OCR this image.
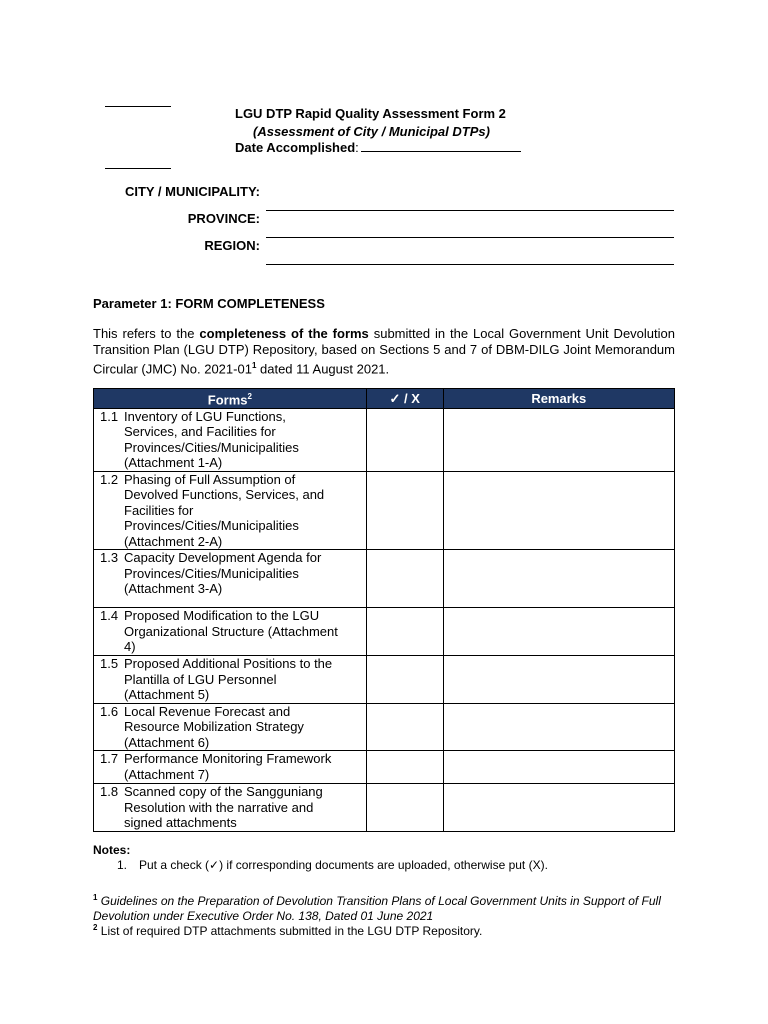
LGU DTP Rapid Quality Assessment Form 2
(Assessment of City / Municipal DTPs)
Date Accomplished:
CITY / MUNICIPALITY:
PROVINCE:
REGION:
Parameter 1: FORM COMPLETENESS
This refers to the completeness of the forms submitted in the Local Government Unit Devolution Transition Plan (LGU DTP) Repository, based on Sections 5 and 7 of DBM-DILG Joint Memorandum Circular (JMC) No. $2021-01^1$ dated 11 August 2021.
Forms$^2$	✓ / X	Remarks

1.1 Inventory of LGU Functions,
Services, and Facilities for
Provinces/Cities/Municipalities
(Attachment 1-A)		

1.2 Phasing of Full Assumption of
Devolved Functions, Services, and
Facilities for
Provinces/Cities/Municipalities
(Attachment 2-A)		

1.3 Capacity Development Agenda for
Provinces/Cities/Municipalities
(Attachment 3-A)		

1.4 Proposed Modification to the LGU
Organizational Structure (Attachment
4)		

1.5 Proposed Additional Positions to the
Plantilla of LGU Personnel
(Attachment 5)		

1.6 Local Revenue Forecast and
Resource Mobilization Strategy
(Attachment 6)		

1.7 Performance Monitoring Framework
(Attachment 7)		

1.8 Scanned copy of the Sangguniang
Resolution with the narrative and
signed attachments		

Notes:
1. Put a check (✓) if corresponding documents are uploaded, otherwise put (X).
$^1$ Guidelines on the Preparation of Devolution Transition Plans of Local Government Units in Support of Full Devolution under Executive Order No. 138, Dated 01 June 2021
$^2$ List of required DTP attachments submitted in the LGU DTP Repository.
